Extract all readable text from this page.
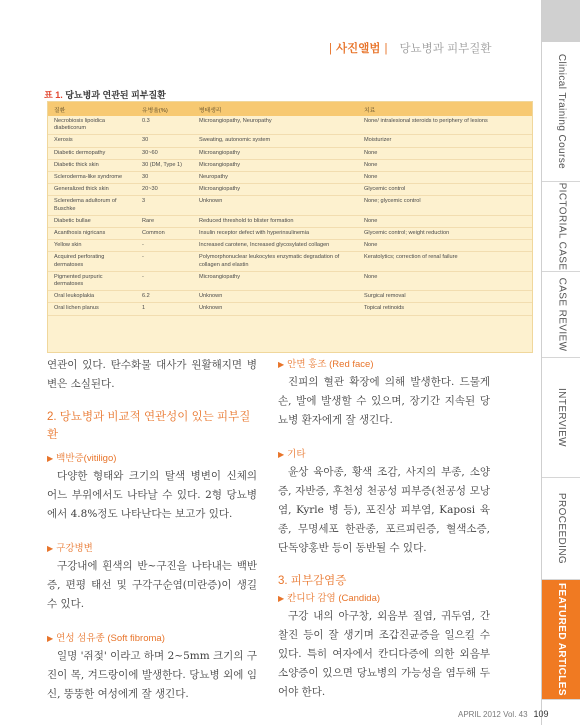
| 사진앨범 | 당뇨병과 피부질환
Clinical Training Course
PICTORIAL CASE
CASE REVIEW
INTERVIEW
PROCEEDING
FEATURED ARTICLES
표 1. 당뇨병과 연관된 피부질환
질환	유병율(%)	병태생리	치료
Necrobiosis lipoidica diabeticorum	0.3	Microangiopathy, Neuropathy	None/ intralesional steroids to periphery of lesions
Xerosis	30	Sweating, autonomic system	Moisturizer
Diabetic dermopathy	30~60	Microangiopathy	None
Diabetic thick skin	30 (DM, Type 1)	Microangiopathy	None
Scleroderma-like syndrome	30	Neuropathy	None
Generalized thick skin	20~30	Microangiopathy	Glycemic control
Scleredema adultorum of Buschke	3	Unknown	None; glycemic control
Diabetic bullae	Rare	Reduced threshold to blister formation	None
Acanthosis nigricans	Common	Insulin receptor defect with hyperinsulinemia	Glycemic control; weight reduction
Yellow skin	-	Increased carotene, Increased glycosylated collagen	None
Acquired perforating dermatoses	-	Polymorphonuclear leukocytes enzymatic degradation of collagen and elastin	Keratolytics; correction of renal failure
Pigmented purpuric dermatoses	-	Microangiopathy	None
Oral leukoplakia	6.2	Unknown	Surgical removal
Oral lichen planus	1	Unknown	Topical retinoids

연관이 있다. 탄수화물 대사가 원활해지면 병변은 소실된다.

2. 당뇨병과 비교적 연관성이 있는 피부질환
▶ 백반증(vitiligo)

다양한 형태와 크기의 탈색 병변이 신체의 어느 부위에서도 나타날 수 있다. 2형 당뇨병에서 4.8%정도 나타난다는 보고가 있다.

▶ 구강병변

구강내에 흰색의 반~구진을 나타내는 백반증, 편평 태선 및 구각구순염(미란증)이 생길 수 있다.

▶ 연성 섬유종 (Soft fibroma)

일명 '쥐젖' 이라고 하며 2~5mm 크기의 구진이 목, 겨드랑이에 발생한다. 당뇨병 외에 임신, 뚱뚱한 여성에게 잘 생긴다.

▶ 안면 홍조 (Red face)

진피의 혈관 확장에 의해 발생한다. 드물게 손, 발에 발생할 수 있으며, 장기간 지속된 당뇨병 환자에게 잘 생긴다.

▶ 기타

윤상 육아종, 황색 조감, 사지의 부종, 소양증, 자반증, 후천성 천공성 피부증(천공성 모낭염, Kyrle 병 등), 포진상 피부염, Kaposi 육종, 무명세포 한관종, 포르피린증, 혈색소증, 단독양홍반 등이 동반될 수 있다.

3. 피부감염증
▶ 칸디다 감염 (Candida)

구강 내의 아구창, 외음부 질염, 귀두염, 간찰진 등이 잘 생기며 조갑진균증을 일으킬 수 있다. 특히 여자에서 칸디다증에 의한 외음부 소양증이 있으면 당뇨병의 가능성을 염두해 두어야 한다.

APRIL 2012 Vol. 43 109
